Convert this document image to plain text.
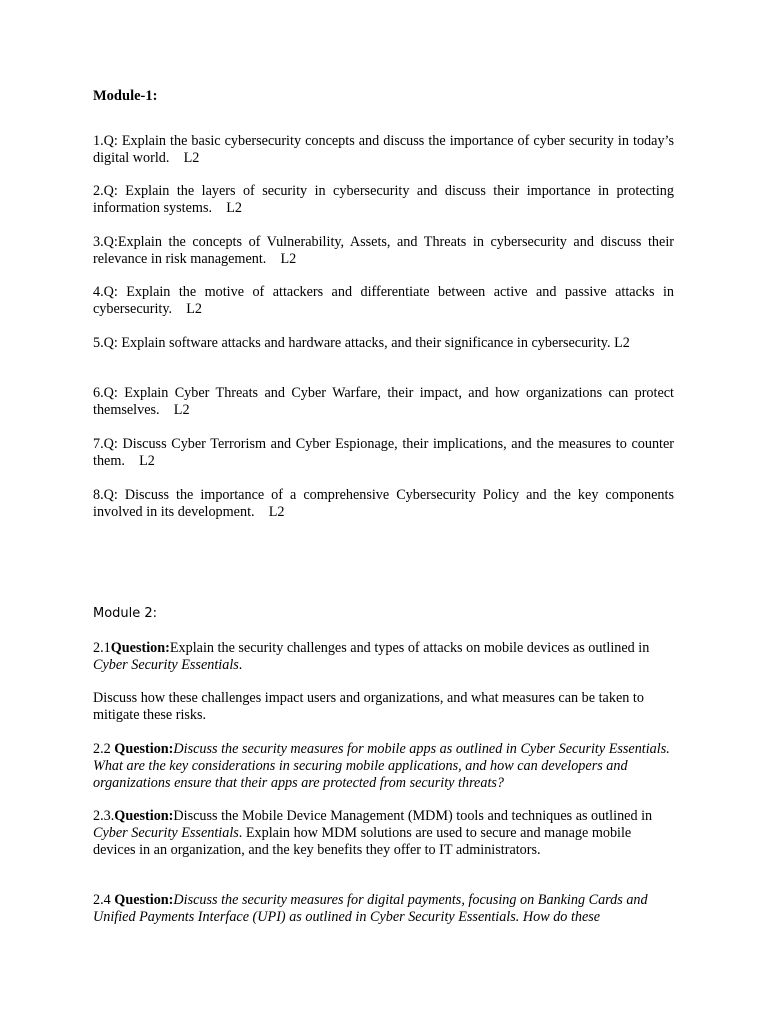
Module-1:

1.Q: Explain the basic cybersecurity concepts and discuss the importance of cyber security in today’s digital world. L2

2.Q: Explain the layers of security in cybersecurity and discuss their importance in protecting information systems. L2

3.Q:Explain the concepts of Vulnerability, Assets, and Threats in cybersecurity and discuss their relevance in risk management. L2

4.Q: Explain the motive of attackers and differentiate between active and passive attacks in cybersecurity. L2

5.Q: Explain software attacks and hardware attacks, and their significance in cybersecurity. L2

6.Q: Explain Cyber Threats and Cyber Warfare, their impact, and how organizations can protect themselves. L2

7.Q: Discuss Cyber Terrorism and Cyber Espionage, their implications, and the measures to counter them. L2

8.Q: Discuss the importance of a comprehensive Cybersecurity Policy and the key components involved in its development. L2

Module 2:

2.1Question:Explain the security challenges and types of attacks on mobile devices as outlined in Cyber Security Essentials.

Discuss how these challenges impact users and organizations, and what measures can be taken to mitigate these risks.

2.2 Question:Discuss the security measures for mobile apps as outlined in Cyber Security Essentials. What are the key considerations in securing mobile applications, and how can developers and organizations ensure that their apps are protected from security threats?

2.3.Question:Discuss the Mobile Device Management (MDM) tools and techniques as outlined in Cyber Security Essentials. Explain how MDM solutions are used to secure and manage mobile devices in an organization, and the key benefits they offer to IT administrators.

2.4 Question:Discuss the security measures for digital payments, focusing on Banking Cards and Unified Payments Interface (UPI) as outlined in Cyber Security Essentials. How do these
